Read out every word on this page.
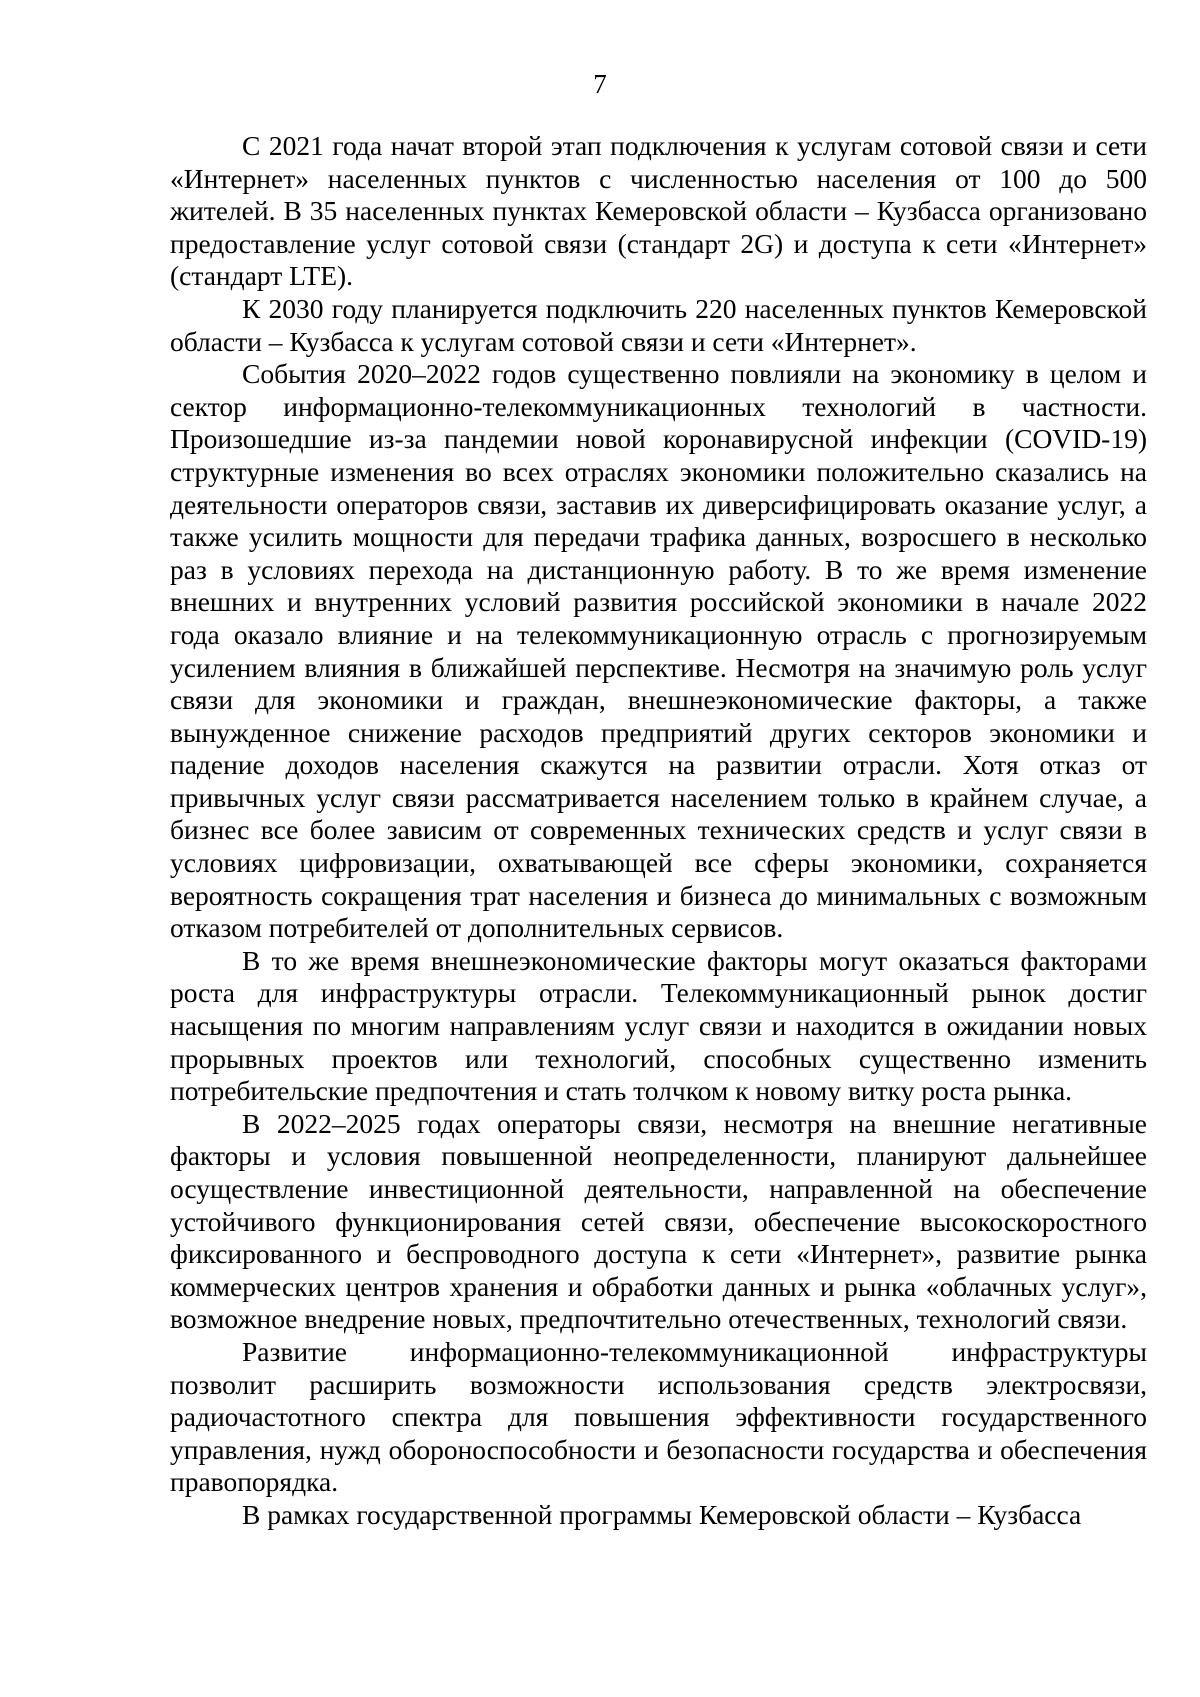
7

С 2021 года начат второй этап подключения к услугам сотовой связи и сети «Интернет» населенных пунктов с численностью населения от 100 до 500 жителей. В 35 населенных пунктах Кемеровской области – Кузбасса организовано предоставление услуг сотовой связи (стандарт 2G) и доступа к сети «Интернет» (стандарт LTE).

К 2030 году планируется подключить 220 населенных пунктов Кемеровской области – Кузбасса к услугам сотовой связи и сети «Интернет».

События 2020–2022 годов существенно повлияли на экономику в целом и сектор информационно-телекоммуникационных технологий в частности. Произошедшие из-за пандемии новой коронавирусной инфекции (COVID-19) структурные изменения во всех отраслях экономики положительно сказались на деятельности операторов связи, заставив их диверсифицировать оказание услуг, а также усилить мощности для передачи трафика данных, возросшего в несколько раз в условиях перехода на дистанционную работу. В то же время изменение внешних и внутренних условий развития российской экономики в начале 2022 года оказало влияние и на телекоммуникационную отрасль с прогнозируемым усилением влияния в ближайшей перспективе. Несмотря на значимую роль услуг связи для экономики и граждан, внешнеэкономические факторы, а также вынужденное снижение расходов предприятий других секторов экономики и падение доходов населения скажутся на развитии отрасли. Хотя отказ от привычных услуг связи рассматривается населением только в крайнем случае, а бизнес все более зависим от современных технических средств и услуг связи в условиях цифровизации, охватывающей все сферы экономики, сохраняется вероятность сокращения трат населения и бизнеса до минимальных с возможным отказом потребителей от дополнительных сервисов.

В то же время внешнеэкономические факторы могут оказаться факторами роста для инфраструктуры отрасли. Телекоммуникационный рынок достиг насыщения по многим направлениям услуг связи и находится в ожидании новых прорывных проектов или технологий, способных существенно изменить потребительские предпочтения и стать толчком к новому витку роста рынка.

В 2022–2025 годах операторы связи, несмотря на внешние негативные факторы и условия повышенной неопределенности, планируют дальнейшее осуществление инвестиционной деятельности, направленной на обеспечение устойчивого функционирования сетей связи, обеспечение высокоскоростного фиксированного и беспроводного доступа к сети «Интернет», развитие рынка коммерческих центров хранения и обработки данных и рынка «облачных услуг», возможное внедрение новых, предпочтительно отечественных, технологий связи.

Развитие информационно-телекоммуникационной инфраструктуры позволит расширить возможности использования средств электросвязи, радиочастотного спектра для повышения эффективности государственного управления, нужд обороноспособности и безопасности государства и обеспечения правопорядка.

В рамках государственной программы Кемеровской области – Кузбасса
